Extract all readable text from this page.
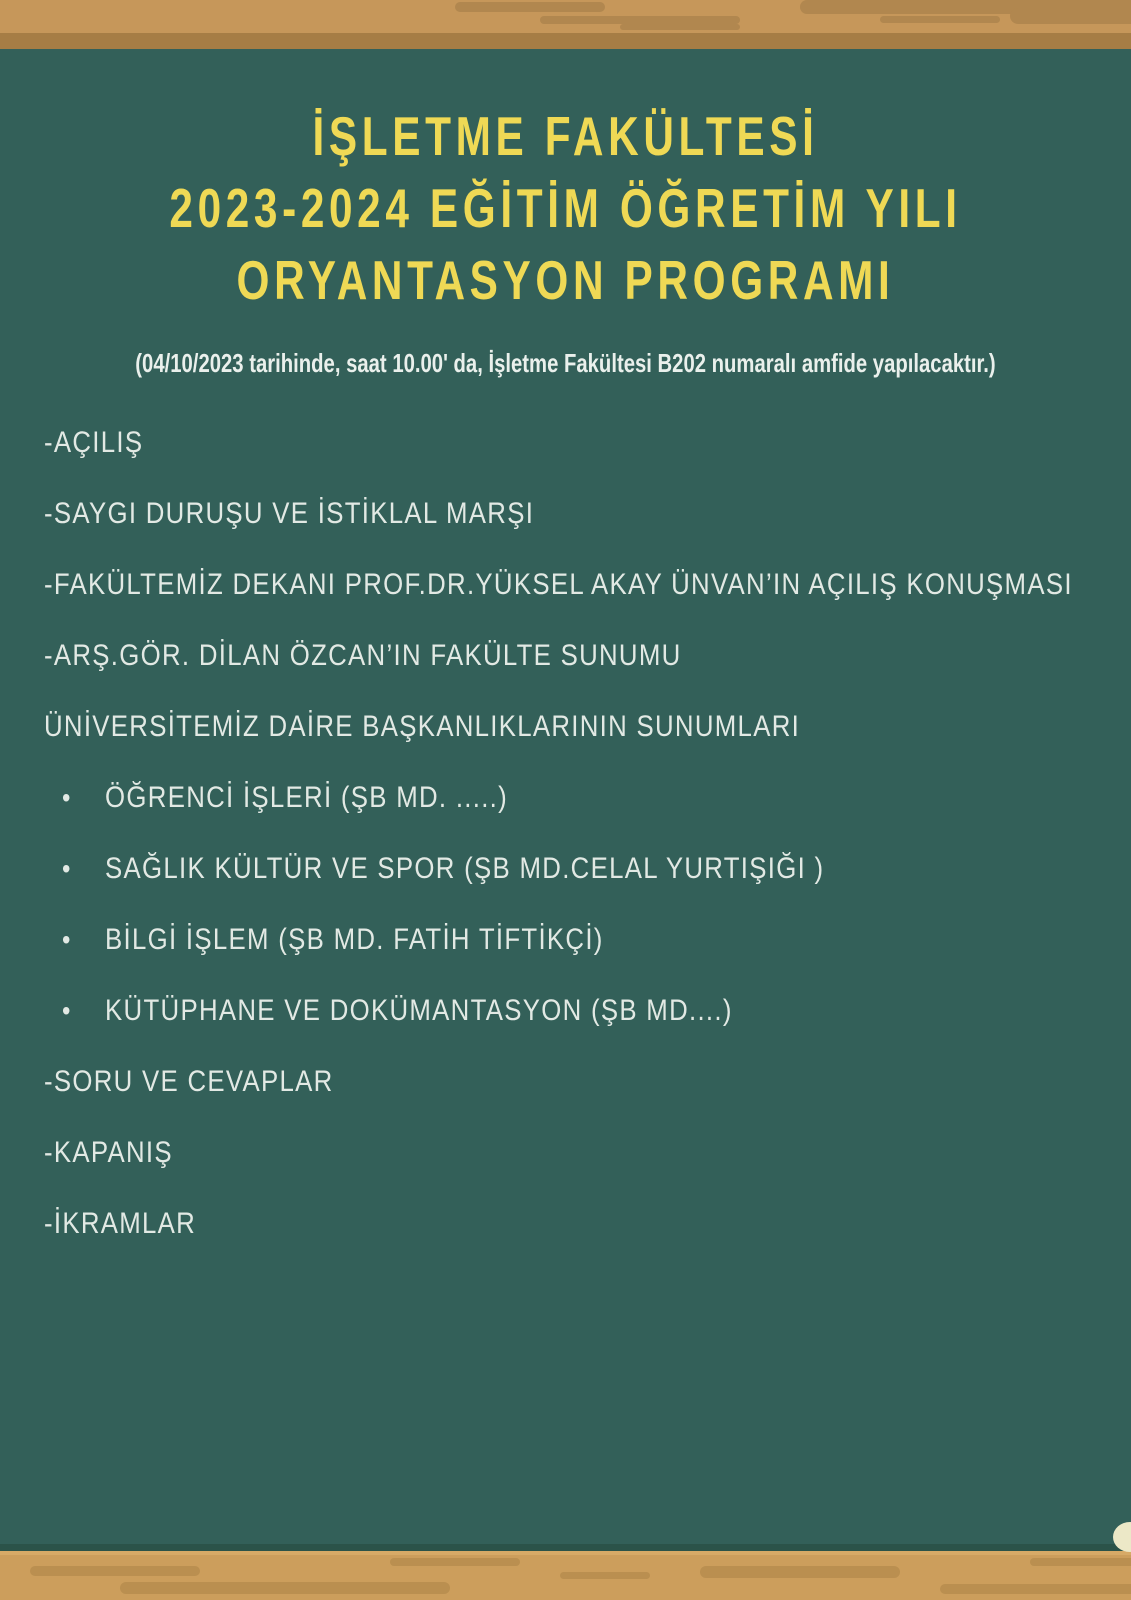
İŞLETME FAKÜLTESİ
2023-2024 EĞİTİM ÖĞRETİM YILI
ORYANTASYON PROGRAMI
(04/10/2023 tarihinde, saat 10.00' da, İşletme Fakültesi B202 numaralı amfide yapılacaktır.)
-AÇILIŞ
-SAYGI DURUŞU VE İSTİKLAL MARŞI
-FAKÜLTEMİZ DEKANI PROF.DR.YÜKSEL AKAY ÜNVAN’IN AÇILIŞ KONUŞMASI
-ARŞ.GÖR. DİLAN ÖZCAN’IN FAKÜLTE SUNUMU
ÜNİVERSİTEMİZ DAİRE BAŞKANLIKLARININ SUNUMLARI
• ÖĞRENCİ İŞLERİ (ŞB MD. .....)
• SAĞLIK KÜLTÜR VE SPOR (ŞB MD.CELAL YURTIŞIĞI )
• BİLGİ İŞLEM (ŞB MD. FATİH TİFTİKÇİ)
• KÜTÜPHANE VE DOKÜMANTASYON (ŞB MD....)
-SORU VE CEVAPLAR
-KAPANIŞ
-İKRAMLAR
